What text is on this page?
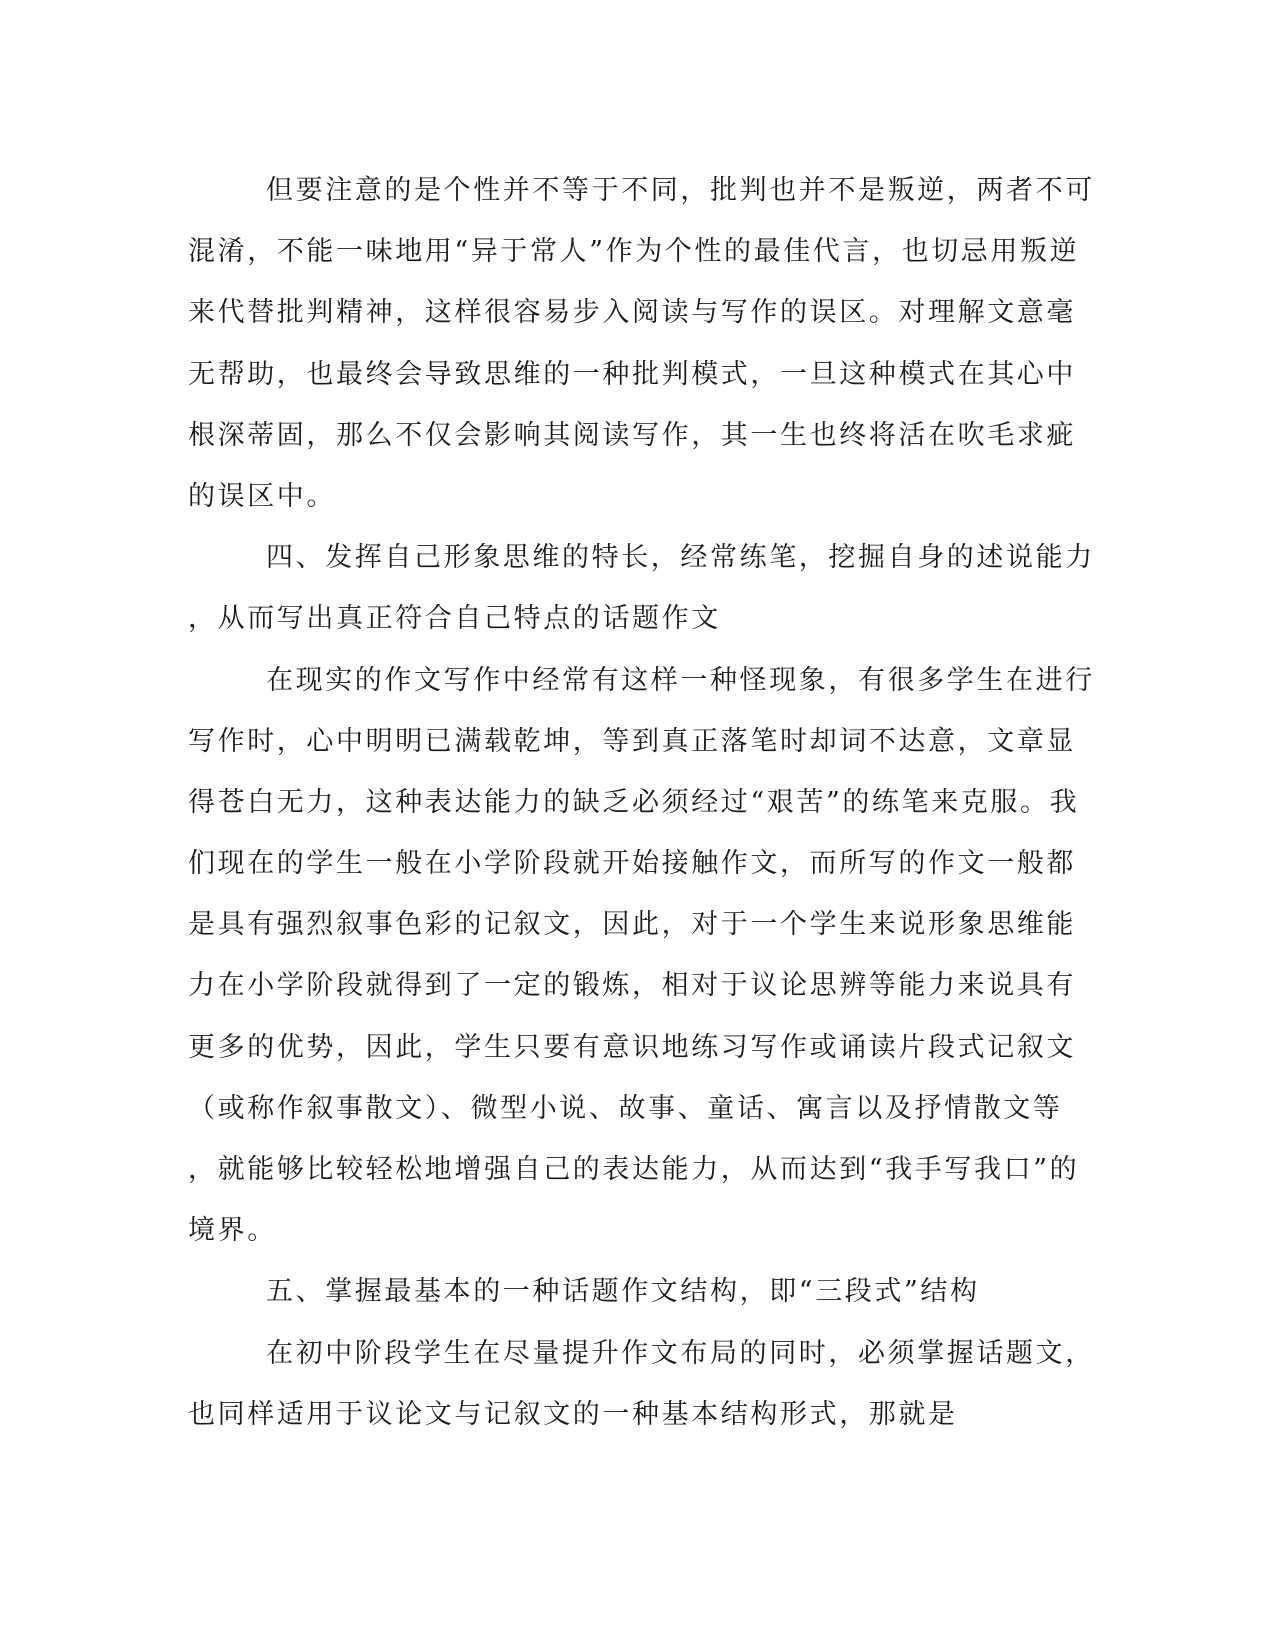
但要注意的是个性并不等于不同，批判也并不是叛逆，两者不可
混淆，不能一味地用“异于常人”作为个性的最佳代言，也切忌用叛逆
来代替批判精神，这样很容易步入阅读与写作的误区。对理解文意毫
无帮助，也最终会导致思维的一种批判模式，一旦这种模式在其心中
根深蒂固，那么不仅会影响其阅读写作，其一生也终将活在吹毛求疵
的误区中。
四、发挥自己形象思维的特长，经常练笔，挖掘自身的述说能力
，从而写出真正符合自己特点的话题作文
在现实的作文写作中经常有这样一种怪现象，有很多学生在进行
写作时，心中明明已满载乾坤，等到真正落笔时却词不达意，文章显
得苍白无力，这种表达能力的缺乏必须经过“艰苦”的练笔来克服。我
们现在的学生一般在小学阶段就开始接触作文，而所写的作文一般都
是具有强烈叙事色彩的记叙文，因此，对于一个学生来说形象思维能
力在小学阶段就得到了一定的锻炼，相对于议论思辨等能力来说具有
更多的优势，因此，学生只要有意识地练习写作或诵读片段式记叙文
（或称作叙事散文）、微型小说、故事、童话、寓言以及抒情散文等
，就能够比较轻松地增强自己的表达能力，从而达到“我手写我口”的
境界。
五、掌握最基本的一种话题作文结构，即“三段式”结构
在初中阶段学生在尽量提升作文布局的同时，必须掌握话题文，
也同样适用于议论文与记叙文的一种基本结构形式，那就是
